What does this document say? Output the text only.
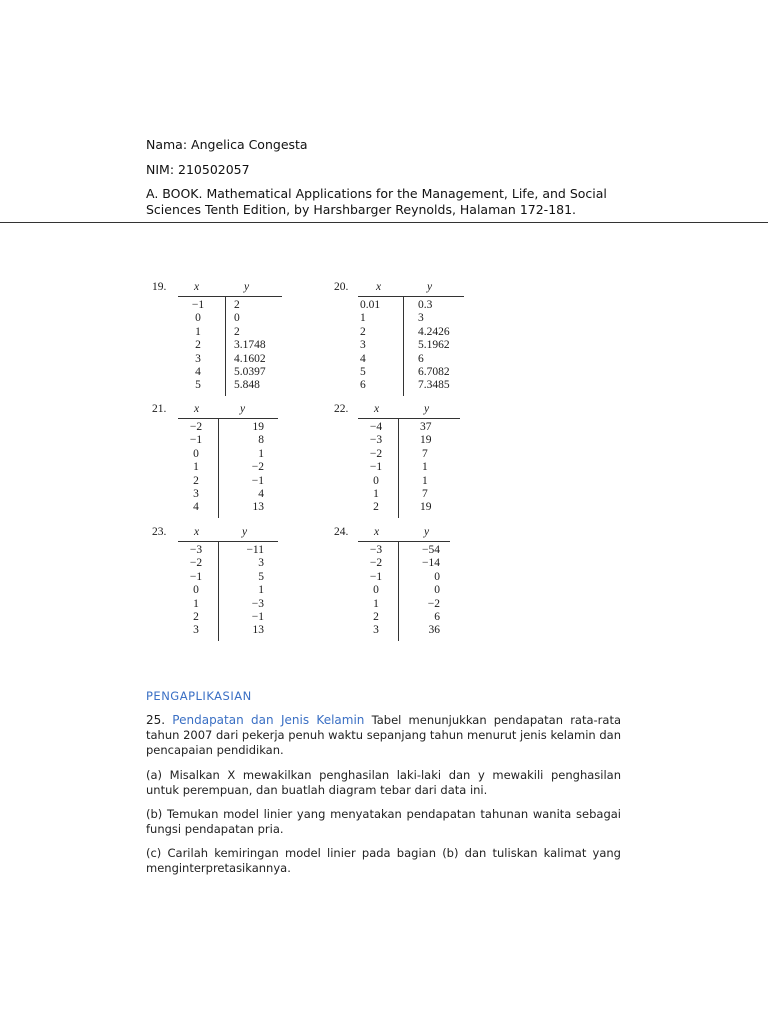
Nama: Angelica Congesta
NIM: 210502057
A. BOOK. Mathematical Applications for the Management, Life, and Social Sciences Tenth Edition, by Harshbarger Reynolds, Halaman 172-181.
19. x	y
−1	2
0	0
1	2
2	3.1748
3	4.1602
4	5.0397
5	5.848
20. x	y
0.01	0.3
1	3
2	4.2426
3	5.1962
4	6
5	6.7082
6	7.3485
21. x	y
−2	19
−1	8
0	1
1	−2
2	−1
3	4
4	13
22. x	y
−4	37
−3	19
−2	7
−1	1
0	1
1	7
2	19
23. x	y
−3	−11
−2	3
−1	5
0	1
1	−3
2	−1
3	13
24. x	y
−3	−54
−2	−14
−1	0
0	0
1	−2
2	6
3	36
PENGAPLIKASIAN
25. Pendapatan dan Jenis Kelamin Tabel menunjukkan pendapatan rata-rata tahun 2007 dari pekerja penuh waktu sepanjang tahun menurut jenis kelamin dan pencapaian pendidikan.
(a) Misalkan X mewakilkan penghasilan laki-laki dan y mewakili penghasilan untuk perempuan, dan buatlah diagram tebar dari data ini.
(b) Temukan model linier yang menyatakan pendapatan tahunan wanita sebagai fungsi pendapatan pria.
(c) Carilah kemiringan model linier pada bagian (b) dan tuliskan kalimat yang menginterpretasikannya.
